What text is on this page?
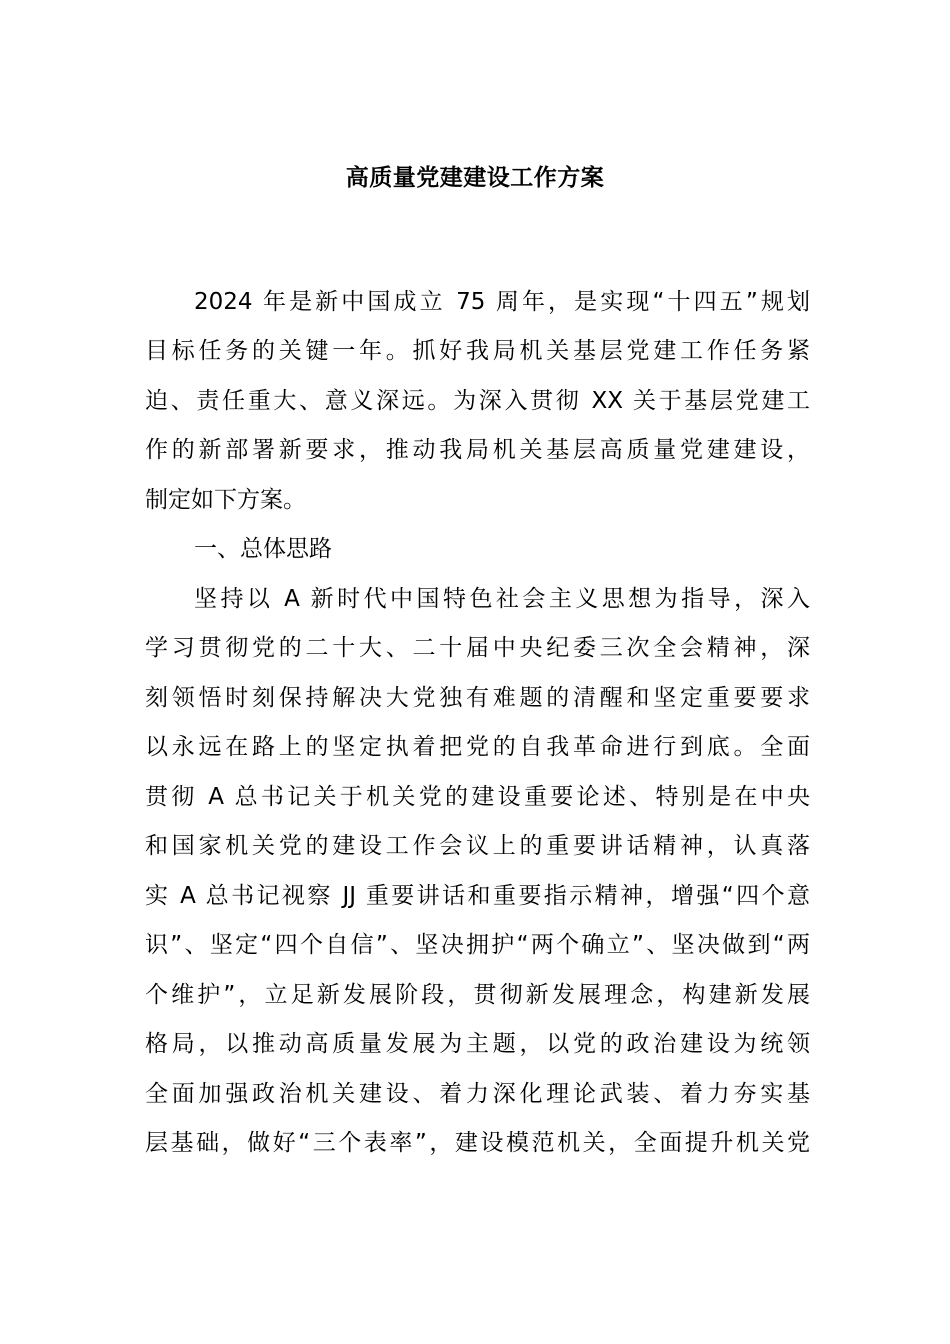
高质量党建建设工作方案
2024 年是新中国成立 75 周年，是实现“十四五”规划
目标任务的关键一年。抓好我局机关基层党建工作任务紧
迫、责任重大、意义深远。为深入贯彻 XX 关于基层党建工
作的新部署新要求，推动我局机关基层高质量党建建设，
制定如下方案。
一、总体思路
坚持以 A 新时代中国特色社会主义思想为指导，深入
学习贯彻党的二十大、二十届中央纪委三次全会精神，深
刻领悟时刻保持解决大党独有难题的清醒和坚定重要要求
以永远在路上的坚定执着把党的自我革命进行到底。全面
贯彻 A 总书记关于机关党的建设重要论述、特别是在中央
和国家机关党的建设工作会议上的重要讲话精神，认真落
实 A 总书记视察 JJ 重要讲话和重要指示精神，增强“四个意
识”、坚定“四个自信”、坚决拥护“两个确立”、坚决做到“两
个维护”，立足新发展阶段，贯彻新发展理念，构建新发展
格局，以推动高质量发展为主题，以党的政治建设为统领
全面加强政治机关建设、着力深化理论武装、着力夯实基
层基础，做好“三个表率”，建设模范机关，全面提升机关党
